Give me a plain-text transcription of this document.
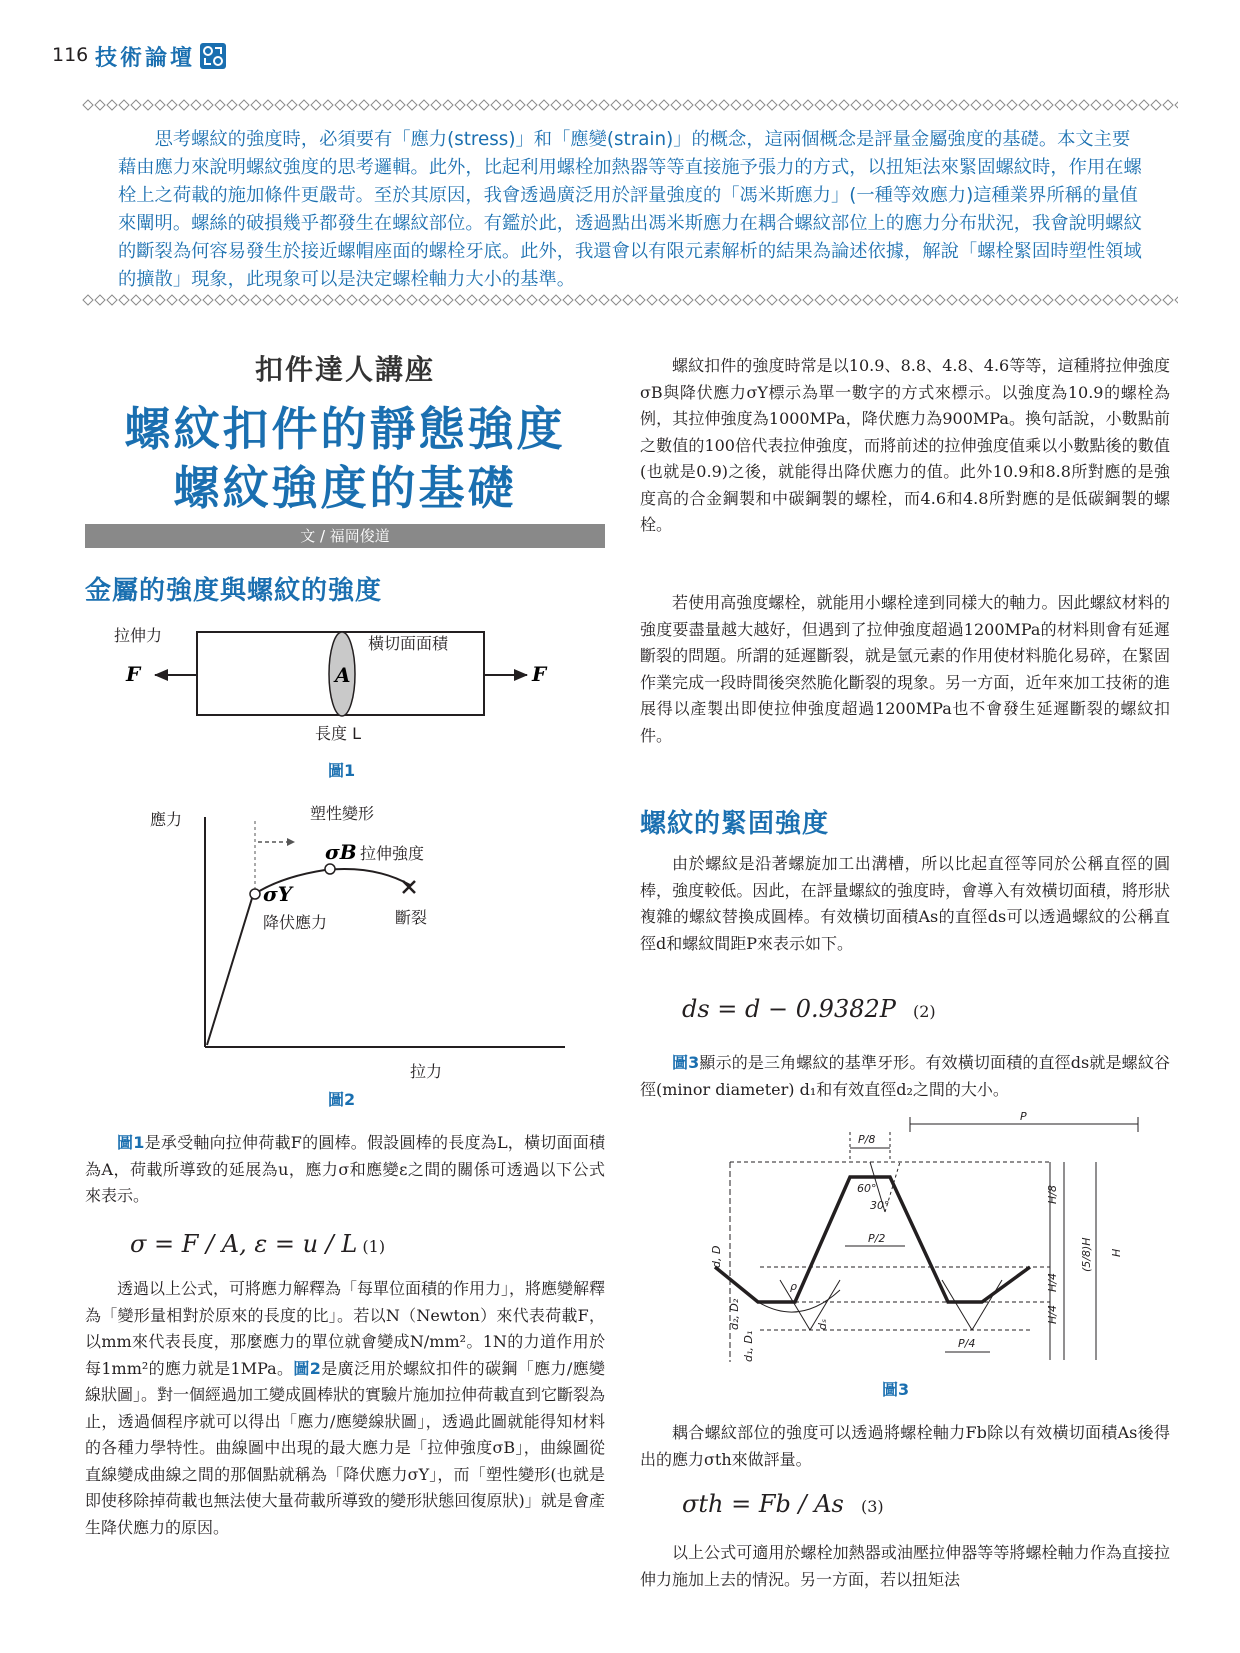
116 技術論壇

思考螺紋的強度時，必須要有「應力(stress)」和「應變(strain)」的概念，這兩個概念是評量金屬強度的基礎。本文主要藉由應力來說明螺紋強度的思考邏輯。此外，比起利用螺栓加熱器等等直接施予張力的方式，以扭矩法來緊固螺紋時，作用在螺栓上之荷載的施加條件更嚴苛。至於其原因，我會透過廣泛用於評量強度的「馮米斯應力」(一種等效應力)這種業界所稱的量值來闡明。螺絲的破損幾乎都發生在螺紋部位。有鑑於此，透過點出馮米斯應力在耦合螺紋部位上的應力分布狀況，我會說明螺紋的斷裂為何容易發生於接近螺帽座面的螺栓牙底。此外，我還會以有限元素解析的結果為論述依據，解說「螺栓緊固時塑性領域的擴散」現象，此現象可以是決定螺栓軸力大小的基準。

扣件達人講座
螺紋扣件的靜態強度
螺紋強度的基礎
文 / 福岡俊道
金屬的強度與螺紋的強度
拉伸力
F	A
橫切面面積
F
長度 L
圖1
應力	塑性變形
σB 拉伸強度
σY
降伏應力	斷裂
拉力
圖2

圖1是承受軸向拉伸荷載F的圓棒。假設圓棒的長度為L，橫切面面積為A，荷載所導致的延展為u，應力σ和應變ε之間的關係可透過以下公式來表示。

σ = F / A, ε = u / L (1)

透過以上公式，可將應力解釋為「每單位面積的作用力」，將應變解釋為「變形量相對於原來的長度的比」。若以N（Newton）來代表荷載F，以mm來代表長度，那麼應力的單位就會變成N/mm²。1N的力道作用於每1mm²的應力就是1MPa。圖2是廣泛用於螺紋扣件的碳鋼「應力/應變線狀圖」。對一個經過加工變成圓棒狀的實驗片施加拉伸荷載直到它斷裂為止，透過個程序就可以得出「應力/應變線狀圖」，透過此圖就能得知材料的各種力學特性。曲線圖中出現的最大應力是「拉伸強度σB」，曲線圖從直線變成曲線之間的那個點就稱為「降伏應力σY」，而「塑性變形(也就是即使移除掉荷載也無法使大量荷載所導致的變形狀態回復原狀)」就是會產生降伏應力的原因。

螺紋扣件的強度時常是以10.9、8.8、4.8、4.6等等，這種將拉伸強度σB與降伏應力σY標示為單一數字的方式來標示。以強度為10.9的螺栓為例，其拉伸強度為1000MPa，降伏應力為900MPa。換句話說，小數點前之數值的100倍代表拉伸強度，而將前述的拉伸強度值乘以小數點後的數值(也就是0.9)之後，就能得出降伏應力的值。此外10.9和8.8所對應的是強度高的合金鋼製和中碳鋼製的螺栓，而4.6和4.8所對應的是低碳鋼製的螺栓。

若使用高強度螺栓，就能用小螺栓達到同樣大的軸力。因此螺紋材料的強度要盡量越大越好，但遇到了拉伸強度超過1200MPa的材料則會有延遲斷裂的問題。所謂的延遲斷裂，就是氫元素的作用使材料脆化易碎，在緊固作業完成一段時間後突然脆化斷裂的現象。另一方面，近年來加工技術的進展得以產製出即使拉伸強度超過1200MPa也不會發生延遲斷裂的螺紋扣件。

螺紋的緊固強度

由於螺紋是沿著螺旋加工出溝槽，所以比起直徑等同於公稱直徑的圓棒，強度較低。因此，在評量螺紋的強度時，會導入有效橫切面積，將形狀複雜的螺紋替換成圓棒。有效橫切面積As的直徑ds可以透過螺紋的公稱直徑d和螺紋間距P來表示如下。

ds = d − 0.9382P (2)

圖3顯示的是三角螺紋的基準牙形。有效橫切面積的直徑ds就是螺紋谷徑(minor diameter) d₁和有效直徑d₂之間的大小。

P
P/8
60°
30°
P/2
P/4
ρ
H/8
H/4
H/4
(5/8)H H
d, D
d₂, D₂
d₁, D₁
dₛ
圖3

耦合螺紋部位的強度可以透過將螺栓軸力Fb除以有效橫切面積As後得出的應力σth來做評量。

σth = Fb / As (3)

以上公式可適用於螺栓加熱器或油壓拉伸器等等將螺栓軸力作為直接拉伸力施加上去的情況。另一方面，若以扭矩法
